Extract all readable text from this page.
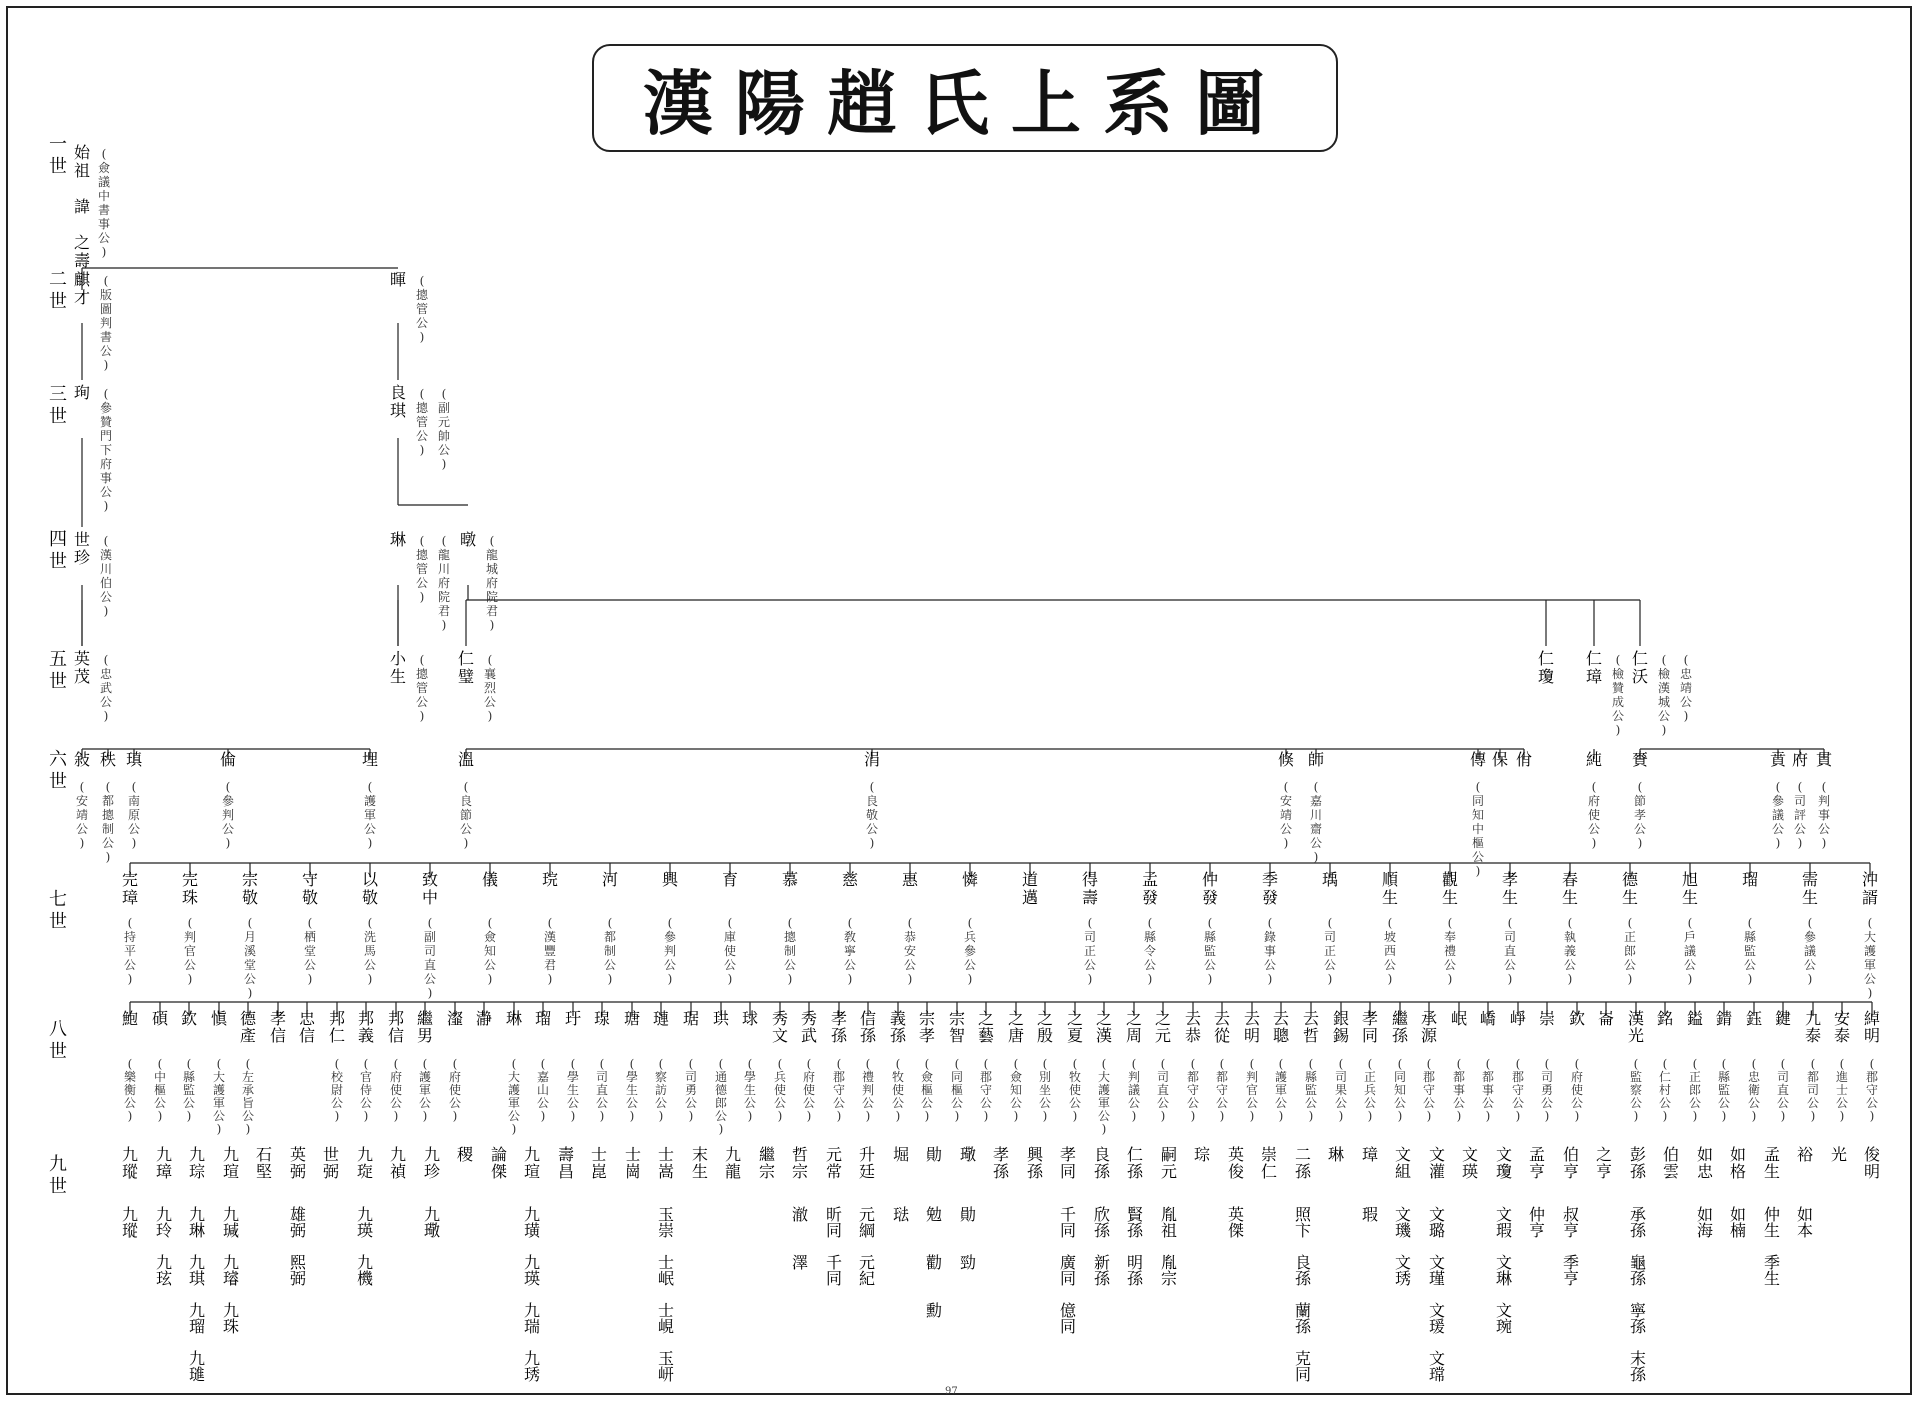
漢陽趙氏上系圖
一
世
二
世
三
世
四
世
五
世
六
世
七
世
八
世
九
世
始
祖
諱
之
壽
(
僉
議
中
書
事
公
)
麒
才
(
版
圖
判
書
公
)
暉 (
摠
管
公
)
珣 (
參
贊
門
下
府
事
公
)
良
琪
(
摠
管
公
)
(
副
元
帥
公
)
世
珍
(
漢
川
伯
公
)
琳 (
摠
管
公
)
(
龍
川
府
院
君
)
暾 (
龍
城
府
院
君
)
英
茂
(
忠
武
公
)
小
生
(
摠
管
公
)
仁
璧
(
襄
烈
公
)
仁
瓊
仁
璋
(
檢
贊
成
公
)
仁
沃
(
檢
漢
城
公
)
(
忠
靖
公
)
敍
(
安
靖
公
)
秩
(
都
摠
制
公
)
瑱
(
南
原
公
)
倫
(
參
判
公
)
埋
(
護
軍
公
)
溫
(
良
節
公
)
涓
(
良
敬
公
)
倏
(
安
靖
公
)
師
(
嘉
川
齋
公
)
傳
(
同
知
中
樞
公
)
保 佾	純
(
府
使
公
)
賚
(
節
孝
公
)
賁
(
參
議
公
)
府
(
司
評
公
)
貫
(
判
事
公
)
完
璋
(
持
平
公
)
完
珠
(
判
官
公
)
宗
敬
(
月
溪
堂
公
)
守
敬
(
栖
堂
公
)
以
敬
(
洗
馬
公
)
致
中
(
副
司
直
公
)
儀
(
僉
知
公
)
琓
(
漢
豐
君
)
河
(
都
制
公
)
興
(
參
判
公
)
育
(
庫
使
公
)
慕
(
摠
制
公
)
慈
(
敎
寧
公
)
惠
(
恭
安
公
)
憐
(
兵
參
公
)
道
邁
得
壽
(
司
正
公
)
孟
發
(
縣
令
公
)
仲
發
(
縣
監
公
)
季
發
(
錄
事
公
)
瑀
(
司
正
公
)
順
生
(
坡
西
公
)
觀
生
(
奉
禮
公
)
孝
生
(
司
直
公
)
春
生
(
執
義
公
)
德
生
(
正
郎
公
)
旭
生
(
戶
議
公
)
瑠
(
縣
監
公
)
需
生
(
參
議
公
)
沖
諝
(
大
護
軍
公
)
鮑
(
樂
衡
公
)
碩
(
中
樞
公
)
欽
(
縣
監
公
)
愼
(
大
護
軍
公
)
德
產
(
左
承
旨
公
)
孝
信
忠
信
邦
仁
(
校
尉
公
)
邦
義
(
官
侍
公
)
邦
信
(
府
使
公
)
繼
男
(
護
軍
公
)
瀣
(
府
使
公
)
瀞 琳
(
大
護
軍
公
)
瑠
(
嘉
山
公
)
玗
(
學
生
公
)
瑔
(
司
直
公
)
瑭
(
學
生
公
)
璉
(
察
訪
公
)
琚
(
司
勇
公
)
珙
(
通
德
郎
公
)
球
(
學
生
公
)
秀
文
(
兵
使
公
)
秀
武
(
府
使
公
)
孝
孫
(
郡
守
公
)
信
孫
(
禮
判
公
)
義
孫
(
牧
使
公
)
宗
孝
(
僉
樞
公
)
宗
智
(
同
樞
公
)
之
藝
(
郡
守
公
)
之
唐
(
僉
知
公
)
之
殷
(
別
坐
公
)
之
夏
(
牧
使
公
)
之
漢
(
大
護
軍
公
)
之
周
(
判
議
公
)
之
元
(
司
直
公
)
云
恭
(
都
守
公
)
云
從
(
都
守
公
)
云
明
(
判
官
公
)
云
聰
(
護
軍
公
)
云
哲
(
縣
監
公
)
銀
錫
(
司
果
公
)
孝
同
(
正
兵
公
)
繼
孫
(
同
知
公
)
承
源
(
郡
守
公
)
岷
(
都
事
公
)
嶠
(
都
事
公
)
崢
(
郡
守
公
)
崇
(
司
勇
公
)
欽
(
府
使
公
)
崙 漢
光
(
監
察
公
)
銘
(
仁
村
公
)
鎰
(
正
郎
公
)
錆
(
縣
監
公
)
鈺
(
忠
衛
公
)
鍵
(
司
直
公
)
九
泰
(
都
司
公
)
安
泰
(
進
士
公
)
綽
明
(
郡
守
公
)
九
瑽
九
瑽
九
璋
九
玲
九
玹
九
琮
九
琳
九
琪
九
瑠
九
璡
九
瑄
九
瑊
九
璿
九
珠
石
堅
英
弼
雄
弼
熙
弼
世
弼
九
琁
九
瑛
九
機
九
禎
九
珍
九
璥
稷 論
傑
九
瑄
九
璜
九
瑛
九
瑞
九
琇
壽
昌
士
崑
士
崗
士
嵩
玉
崇
士
岷
士
峴
玉
岍
末
生
九
龍
繼
宗
哲
宗
澈
澤
元
常
昕
同
千
同
升
廷
元
綱
元
紀
堀
琺
勛
勉
勸
勳
璥
勛
勁
孝
孫
興
孫
孝
同
千
同
廣
同
億
同
良
孫
欣
孫
新
孫
仁
孫
賢
孫
明
孫
嗣
元
胤
祖
胤
宗
琮 英
俊
英
傑
崇
仁
二
孫
照
卞
良
孫
蘭
孫
克
同
琳 璋
瑕
文
組
文
璣
文
琇
文
灌
文
璐
文
瑾
文
瑗
文
瑺
文
瑛
文
瓊
文
瑕
文
琳
文
琬
孟
亨
仲
亨
伯
亨
叔
亨
季
亨
之
亨
彭
孫
承
孫
龜
孫
寧
孫
末
孫
伯
雲
如
忠
如
海
如
格
如
楠
孟
生
仲
生
季
生
裕
如
本
光 俊
明
97
